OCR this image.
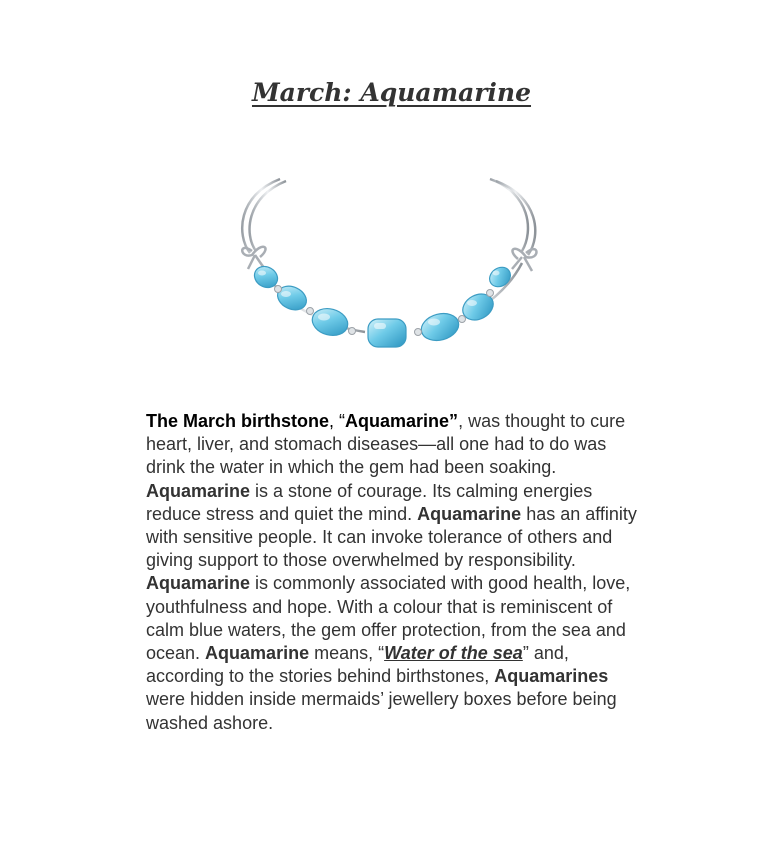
March: Aquamarine

The March birthstone, “Aquamarine”, was thought to cure heart, liver, and stomach diseases—all one had to do was drink the water in which the gem had been soaking. Aquamarine is a stone of courage. Its calming energies reduce stress and quiet the mind. Aquamarine has an affinity with sensitive people. It can invoke tolerance of others and giving support to those overwhelmed by responsibility. Aquamarine is commonly associated with good health, love, youthfulness and hope. With a colour that is reminiscent of calm blue waters, the gem offer protection, from the sea and ocean. Aquamarine means, “Water of the sea” and, according to the stories behind birthstones, Aquamarines were hidden inside mermaids’ jewellery boxes before being washed ashore.
